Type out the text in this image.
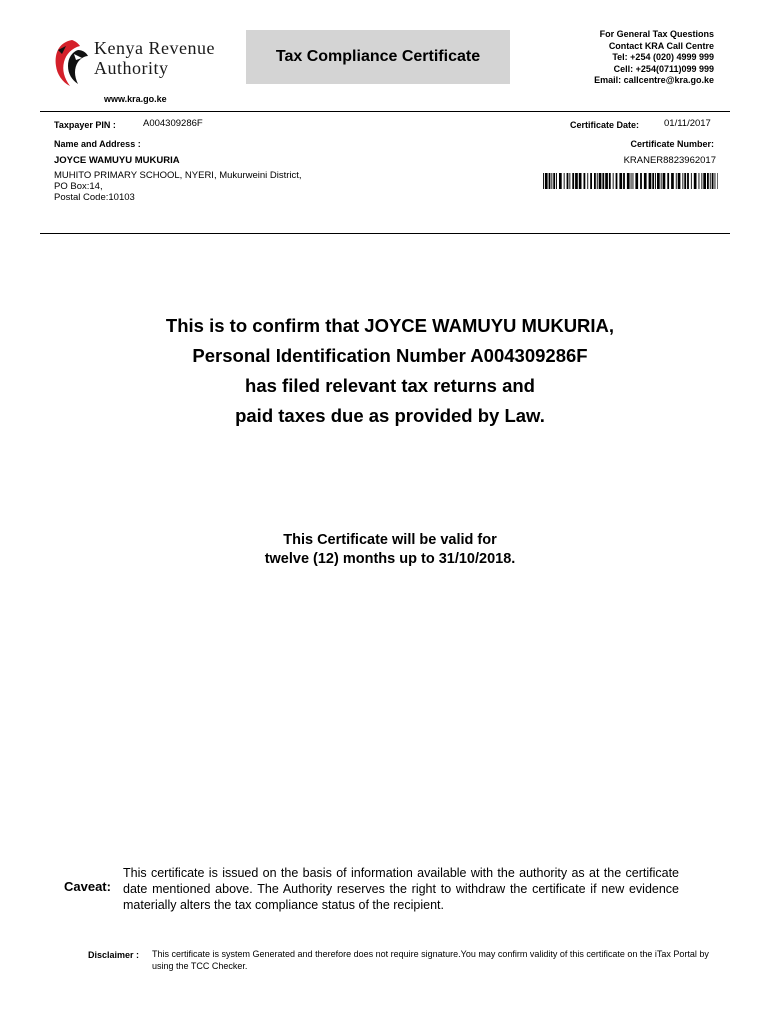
Kenya Revenue
Authority
www.kra.go.ke
Tax Compliance Certificate
For General Tax Questions
Contact KRA Call Centre
Tel: +254 (020) 4999 999
Cell: +254(0711)099 999
Email: callcentre@kra.go.ke
Taxpayer PIN :	A004309286F
Name and Address :
JOYCE WAMUYU MUKURIA
MUHITO PRIMARY SCHOOL, NYERI, Mukurweini District,
PO Box:14,
Postal Code:10103
Certificate Date:	01/11/2017
Certificate Number:
KRANER8823962017
This is to confirm that JOYCE WAMUYU MUKURIA,
Personal Identification Number A004309286F
has filed relevant tax returns and
paid taxes due as provided by Law.
This Certificate will be valid for
twelve (12) months up to 31/10/2018.
Caveat:
This certificate is issued on the basis of information available with the authority as at the certificate date mentioned above. The Authority reserves the right to withdraw the certificate if new evidence materially alters the tax compliance status of the recipient.
Disclaimer : This certificate is system Generated and therefore does not require signature.You may confirm validity of this certificate on the iTax Portal by using the TCC Checker.
